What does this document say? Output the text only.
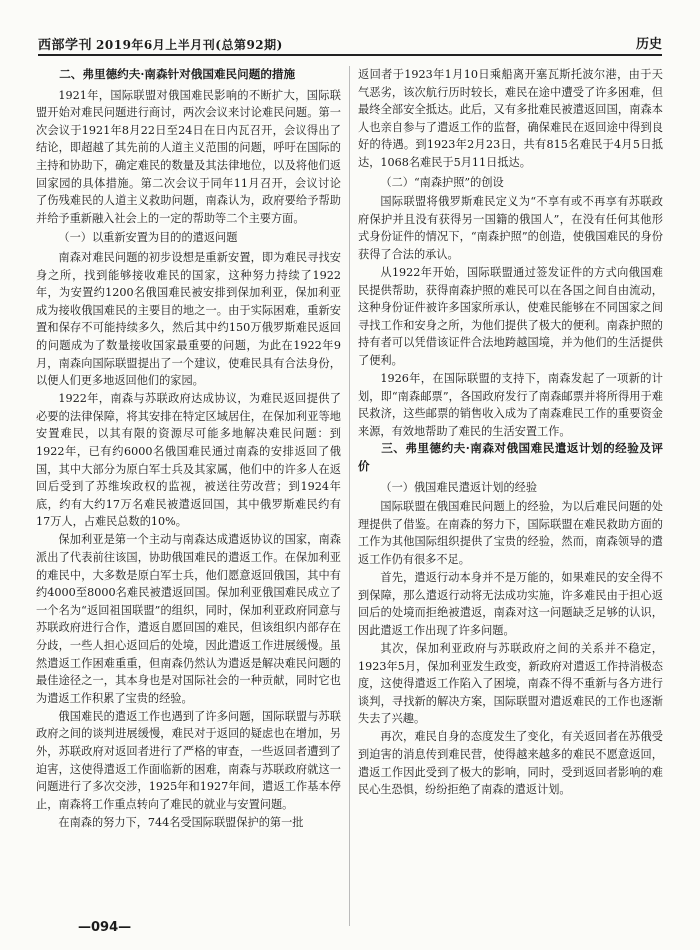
西部学刊 2019年6月上半月刊(总第92期)	历史

二、弗里德约夫·南森针对俄国难民问题的措施

1921年，国际联盟对俄国难民影响的不断扩大，国际联盟开始对难民问题进行商讨，两次会议来讨论难民问题。第一次会议于1921年8月22日至24日在日内瓦召开，会议得出了结论，即超越了其先前的人道主义范围的问题，呼吁在国际的主持和协助下，确定难民的数量及其法律地位，以及将他们返回家园的具体措施。第二次会议于同年11月召开，会议讨论了伤残难民的人道主义救助问题，南森认为，政府要给予帮助并给予重新融入社会上的一定的帮助等二个主要方面。

（一）以重新安置为目的的遣返问题

南森对难民问题的初步设想是重新安置，即为难民寻找安身之所，找到能够接收难民的国家，这种努力持续了1922年，为安置约1200名俄国难民被安排到保加利亚，保加利亚成为接收俄国难民的主要目的地之一。由于实际困难，重新安置和保存不可能持续多久，然后其中约150万俄罗斯难民返回的问题成为了数量接收国家最重要的问题，为此在1922年9月，南森向国际联盟提出了一个建议，使难民具有合法身份，以便人们更多地返回他们的家园。

1922年，南森与苏联政府达成协议，为难民返回提供了必要的法律保障，将其安排在特定区域居住，在保加利亚等地安置难民，以其有限的资源尽可能多地解决难民问题：到1922年，已有约6000名俄国难民通过南森的安排返回了俄国，其中大部分为原白军士兵及其家属，他们中的许多人在返回后受到了苏维埃政权的监视，被送往劳改营；到1924年底，约有大约17万名难民被遣返回国，其中俄罗斯难民约有17万人，占难民总数的10%。

保加利亚是第一个主动与南森达成遣返协议的国家，南森派出了代表前往该国，协助俄国难民的遣返工作。在保加利亚的难民中，大多数是原白军士兵，他们愿意返回俄国，其中有约4000至8000名难民被遣返回国。保加利亚俄国难民成立了一个名为“返回祖国联盟”的组织，同时，保加利亚政府同意与苏联政府进行合作，遣返自愿回国的难民，但该组织内部存在分歧，一些人担心返回后的处境，因此遣返工作进展缓慢。虽然遣返工作困难重重，但南森仍然认为遣返是解决难民问题的最佳途径之一，其本身也是对国际社会的一种贡献，同时它也为遣返工作积累了宝贵的经验。

俄国难民的遣返工作也遇到了许多问题，国际联盟与苏联政府之间的谈判进展缓慢，难民对于返回的疑虑也在增加，另外，苏联政府对返回者进行了严格的审查，一些返回者遭到了迫害，这使得遣返工作面临新的困难，南森与苏联政府就这一问题进行了多次交涉，1925年和1927年间，遣返工作基本停止，南森将工作重点转向了难民的就业与安置问题。

在南森的努力下，744名受国际联盟保护的第一批

返回者于1923年1月10日乘船离开塞瓦斯托波尔港，由于天气恶劣，该次航行历时较长，难民在途中遭受了许多困难，但最终全部安全抵达。此后，又有多批难民被遣返回国，南森本人也亲自参与了遣返工作的监督，确保难民在返回途中得到良好的待遇。到1923年2月23日，共有815名难民于4月5日抵达，1068名难民于5月11日抵达。

（二）“南森护照”的创设

国际联盟将俄罗斯难民定义为“不享有或不再享有苏联政府保护并且没有获得另一国籍的俄国人”，在没有任何其他形式身份证件的情况下，“南森护照”的创造，使俄国难民的身份获得了合法的承认。

从1922年开始，国际联盟通过签发证件的方式向俄国难民提供帮助，获得南森护照的难民可以在各国之间自由流动，这种身份证件被许多国家所承认，使难民能够在不同国家之间寻找工作和安身之所，为他们提供了极大的便利。南森护照的持有者可以凭借该证件合法地跨越国境，并为他们的生活提供了便利。

1926年，在国际联盟的支持下，南森发起了一项新的计划，即“南森邮票”，各国政府发行了南森邮票并将所得用于难民救济，这些邮票的销售收入成为了南森难民工作的重要资金来源，有效地帮助了难民的生活安置工作。

三、弗里德约夫·南森对俄国难民遣返计划的经验及评价

（一）俄国难民遣返计划的经验

国际联盟在俄国难民问题上的经验，为以后难民问题的处理提供了借鉴。在南森的努力下，国际联盟在难民救助方面的工作为其他国际组织提供了宝贵的经验，然而，南森领导的遣返工作仍有很多不足。

首先，遣返行动本身并不是万能的，如果难民的安全得不到保障，那么遣返行动将无法成功实施，许多难民由于担心返回后的处境而拒绝被遣返，南森对这一问题缺乏足够的认识，因此遣返工作出现了许多问题。

其次，保加利亚政府与苏联政府之间的关系并不稳定，1923年5月，保加利亚发生政变，新政府对遣返工作持消极态度，这使得遣返工作陷入了困境，南森不得不重新与各方进行谈判，寻找新的解决方案，国际联盟对遣返难民的工作也逐渐失去了兴趣。

再次，难民自身的态度发生了变化，有关返回者在苏俄受到迫害的消息传到难民营，使得越来越多的难民不愿意返回，遣返工作因此受到了极大的影响，同时，受到返回者影响的难民心生恐惧，纷纷拒绝了南森的遣返计划。

—094—
